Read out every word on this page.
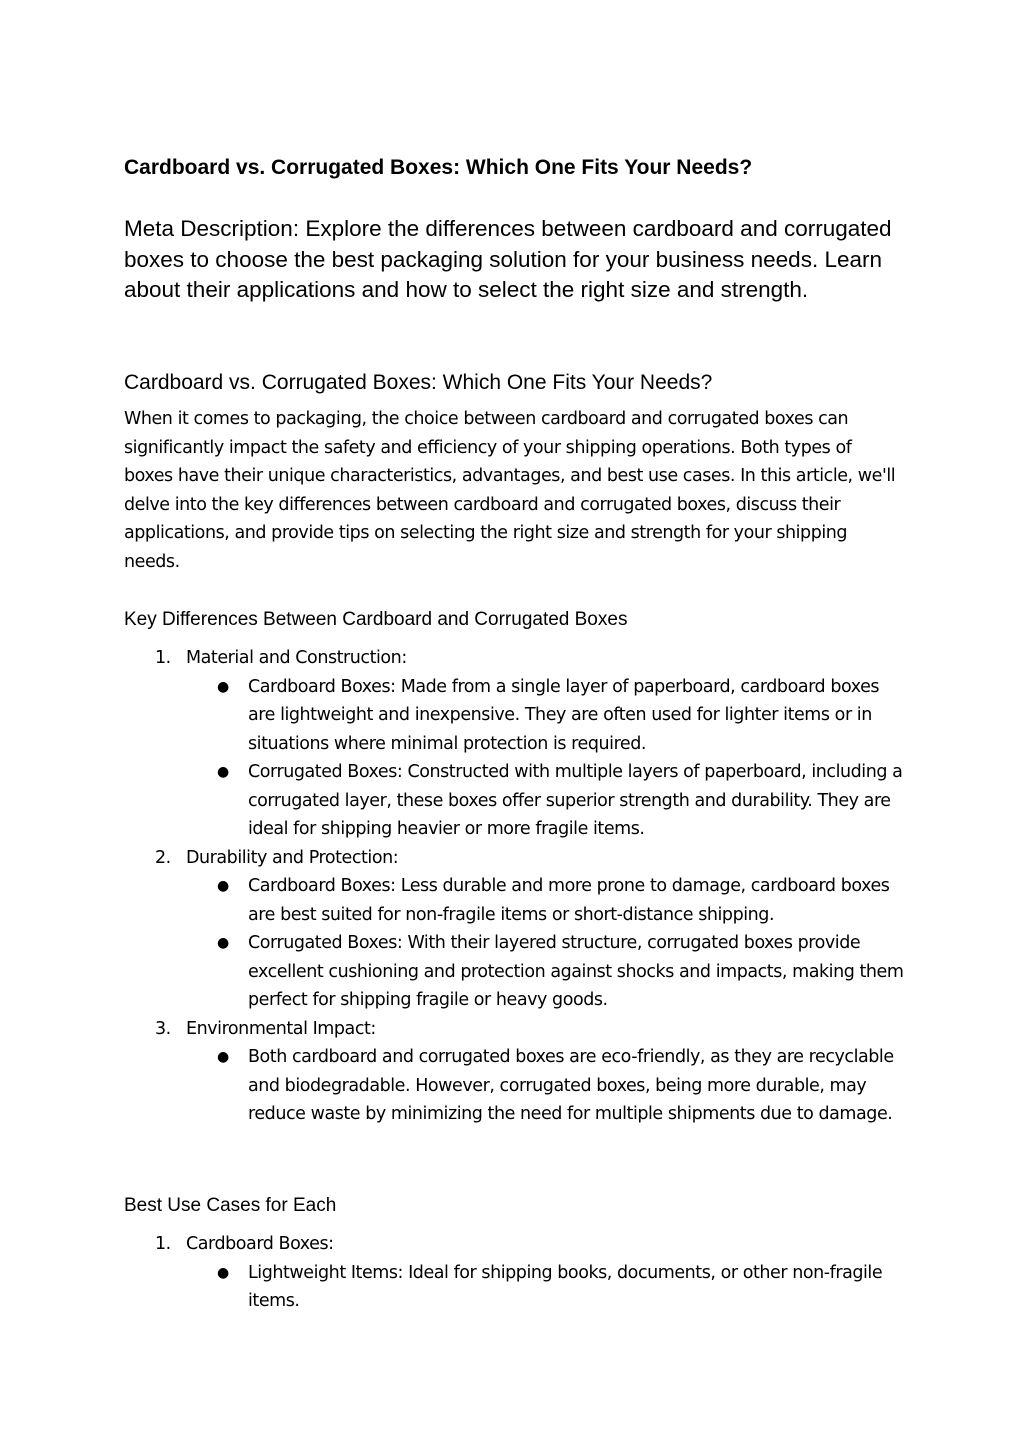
Cardboard vs. Corrugated Boxes: Which One Fits Your Needs?

Meta Description: Explore the differences between cardboard and corrugated boxes to choose the best packaging solution for your business needs. Learn about their applications and how to select the right size and strength.

Cardboard vs. Corrugated Boxes: Which One Fits Your Needs?

When it comes to packaging, the choice between cardboard and corrugated boxes can significantly impact the safety and efficiency of your shipping operations. Both types of boxes have their unique characteristics, advantages, and best use cases. In this article, we'll delve into the key differences between cardboard and corrugated boxes, discuss their applications, and provide tips on selecting the right size and strength for your shipping needs.

Key Differences Between Cardboard and Corrugated Boxes

1. Material and Construction:
● Cardboard Boxes: Made from a single layer of paperboard, cardboard boxes are lightweight and inexpensive. They are often used for lighter items or in situations where minimal protection is required.
● Corrugated Boxes: Constructed with multiple layers of paperboard, including a corrugated layer, these boxes offer superior strength and durability. They are ideal for shipping heavier or more fragile items.
2. Durability and Protection:
● Cardboard Boxes: Less durable and more prone to damage, cardboard boxes are best suited for non-fragile items or short-distance shipping.
● Corrugated Boxes: With their layered structure, corrugated boxes provide excellent cushioning and protection against shocks and impacts, making them perfect for shipping fragile or heavy goods.
3. Environmental Impact:
● Both cardboard and corrugated boxes are eco-friendly, as they are recyclable and biodegradable. However, corrugated boxes, being more durable, may reduce waste by minimizing the need for multiple shipments due to damage.

Best Use Cases for Each

1. Cardboard Boxes:
● Lightweight Items: Ideal for shipping books, documents, or other non-fragile items.
